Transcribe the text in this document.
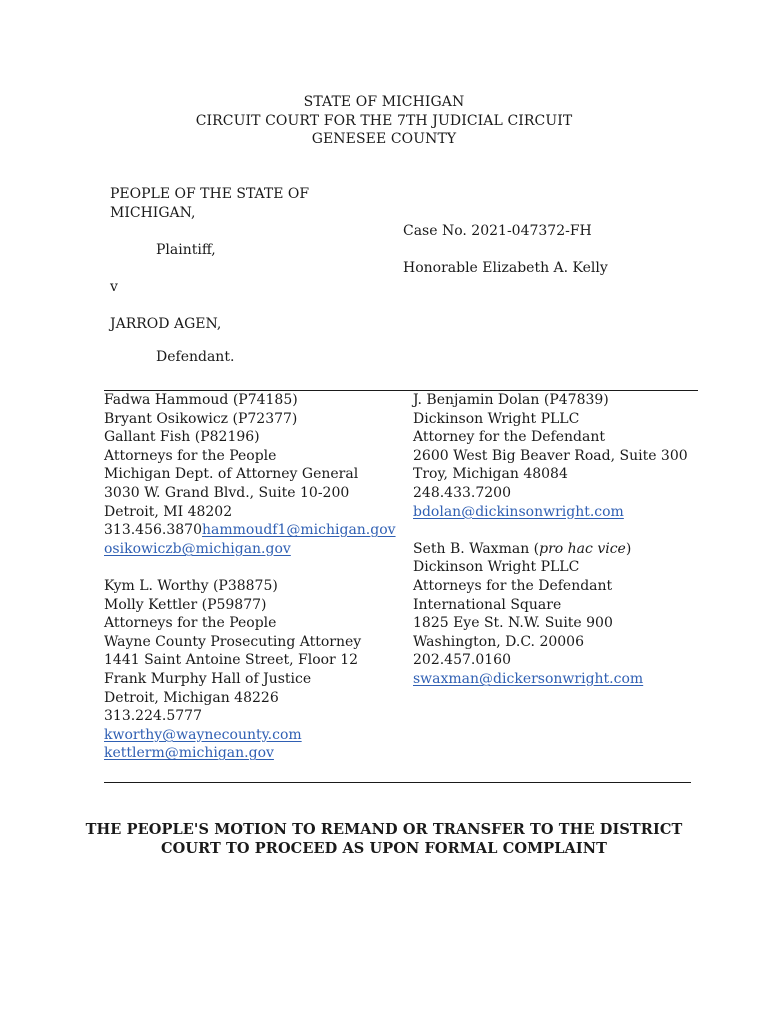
STATE OF MICHIGAN
CIRCUIT COURT FOR THE 7TH JUDICIAL CIRCUIT
GENESEE COUNTY
PEOPLE OF THE STATE OF
MICHIGAN,
Plaintiff,
v
JARROD AGEN,
Defendant.
Case No. 2021-047372-FH
Honorable Elizabeth A. Kelly
Fadwa Hammoud (P74185)
Bryant Osikowicz (P72377)
Gallant Fish (P82196)
Attorneys for the People
Michigan Dept. of Attorney General
3030 W. Grand Blvd., Suite 10-200
Detroit, MI 48202
313.456.3870hammoudf1@michigan.gov
osikowiczb@michigan.gov
Kym L. Worthy (P38875)
Molly Kettler (P59877)
Attorneys for the People
Wayne County Prosecuting Attorney
1441 Saint Antoine Street, Floor 12
Frank Murphy Hall of Justice
Detroit, Michigan 48226
313.224.5777
kworthy@waynecounty.com
kettlerm@michigan.gov
J. Benjamin Dolan (P47839)
Dickinson Wright PLLC
Attorney for the Defendant
2600 West Big Beaver Road, Suite 300
Troy, Michigan 48084
248.433.7200
bdolan@dickinsonwright.com
Seth B. Waxman (pro hac vice)
Dickinson Wright PLLC
Attorneys for the Defendant
International Square
1825 Eye St. N.W. Suite 900
Washington, D.C. 20006
202.457.0160
swaxman@dickersonwright.com
THE PEOPLE'S MOTION TO REMAND OR TRANSFER TO THE DISTRICT
COURT TO PROCEED AS UPON FORMAL COMPLAINT
